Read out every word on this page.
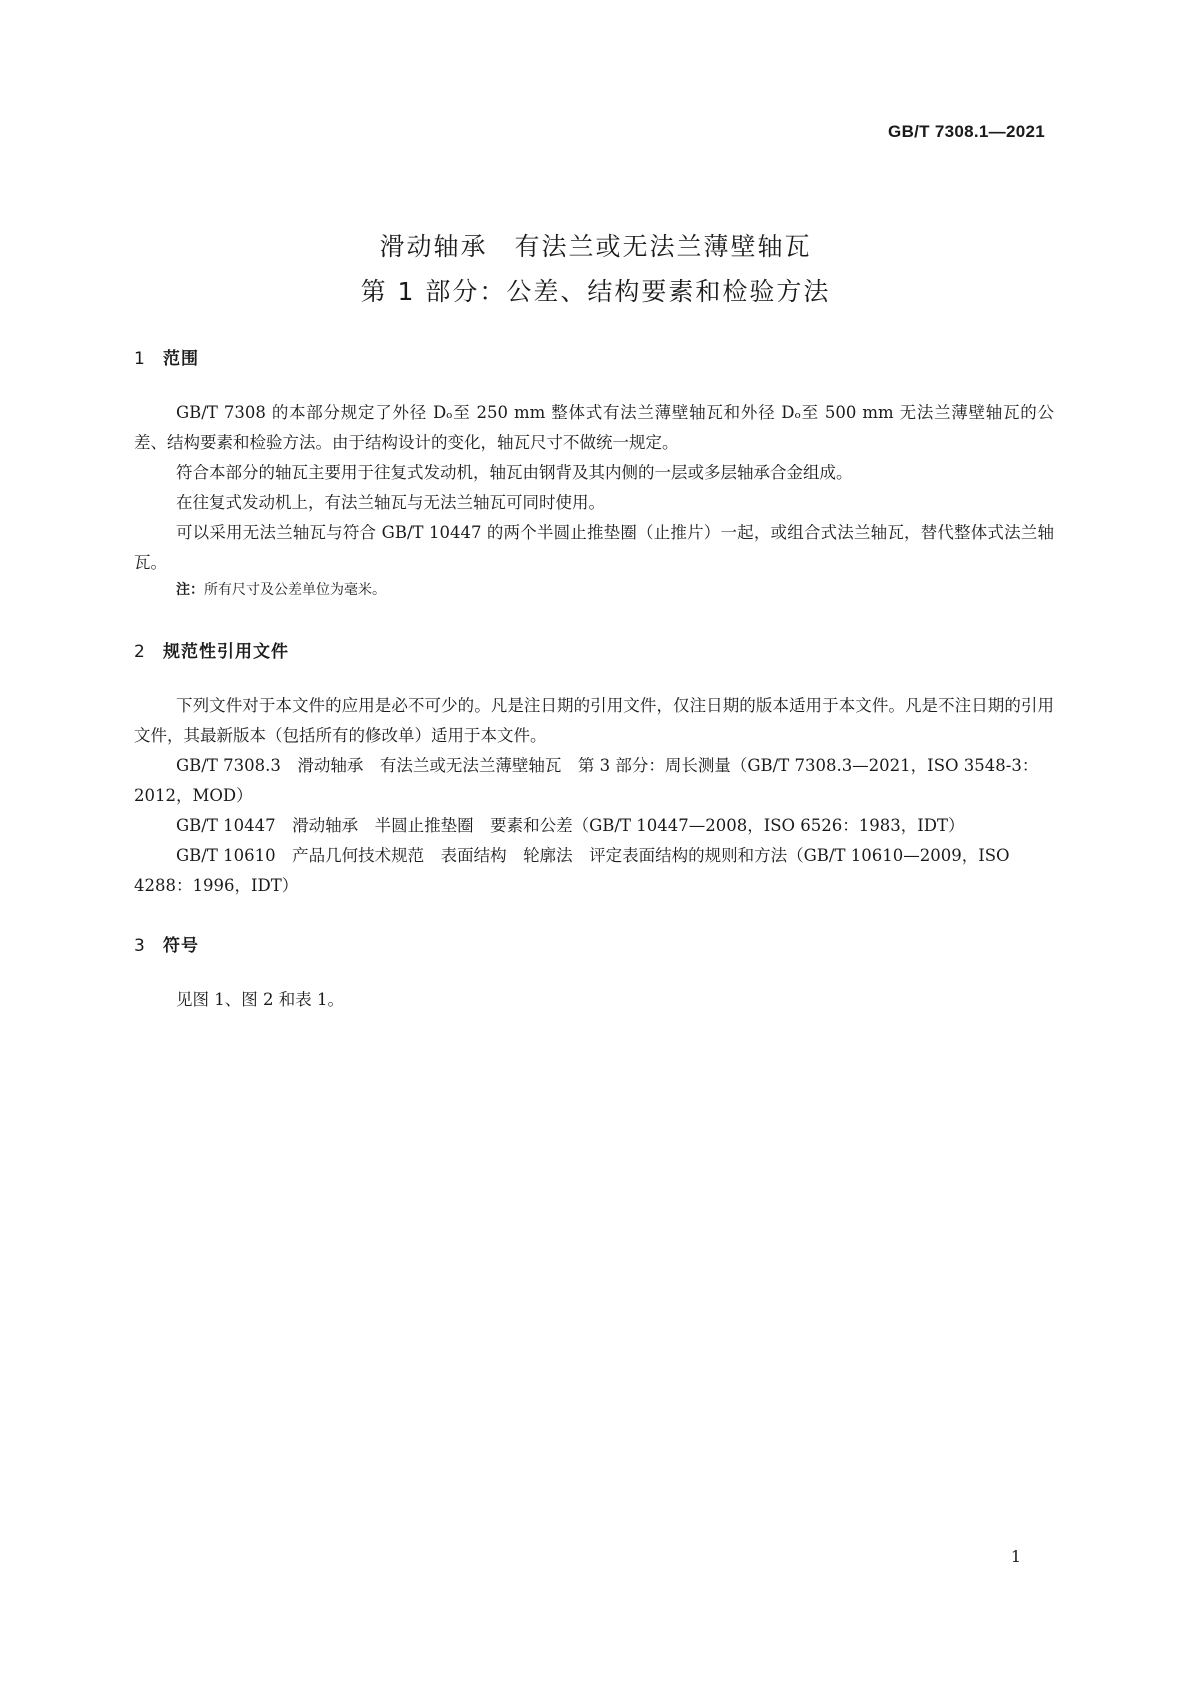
GB/T 7308.1—2021
滑动轴承　有法兰或无法兰薄壁轴瓦
第 1 部分：公差、结构要素和检验方法
1 范围

GB/T 7308 的本部分规定了外径 Dₒ至 250 mm 整体式有法兰薄壁轴瓦和外径 Dₒ至 500 mm 无法兰薄壁轴瓦的公差、结构要素和检验方法。由于结构设计的变化，轴瓦尺寸不做统一规定。

符合本部分的轴瓦主要用于往复式发动机，轴瓦由钢背及其内侧的一层或多层轴承合金组成。

在往复式发动机上，有法兰轴瓦与无法兰轴瓦可同时使用。

可以采用无法兰轴瓦与符合 GB/T 10447 的两个半圆止推垫圈（止推片）一起，或组合式法兰轴瓦，替代整体式法兰轴瓦。

注：所有尺寸及公差单位为毫米。

2 规范性引用文件

下列文件对于本文件的应用是必不可少的。凡是注日期的引用文件，仅注日期的版本适用于本文件。凡是不注日期的引用文件，其最新版本（包括所有的修改单）适用于本文件。

GB/T 7308.3　滑动轴承　有法兰或无法兰薄壁轴瓦　第 3 部分：周长测量（GB/T 7308.3—2021，ISO 3548-3：2012，MOD）

GB/T 10447　滑动轴承　半圆止推垫圈　要素和公差（GB/T 10447—2008，ISO 6526：1983，IDT）

GB/T 10610　产品几何技术规范　表面结构　轮廓法　评定表面结构的规则和方法（GB/T 10610—2009，ISO 4288：1996，IDT）

3 符号

见图 1、图 2 和表 1。

1
